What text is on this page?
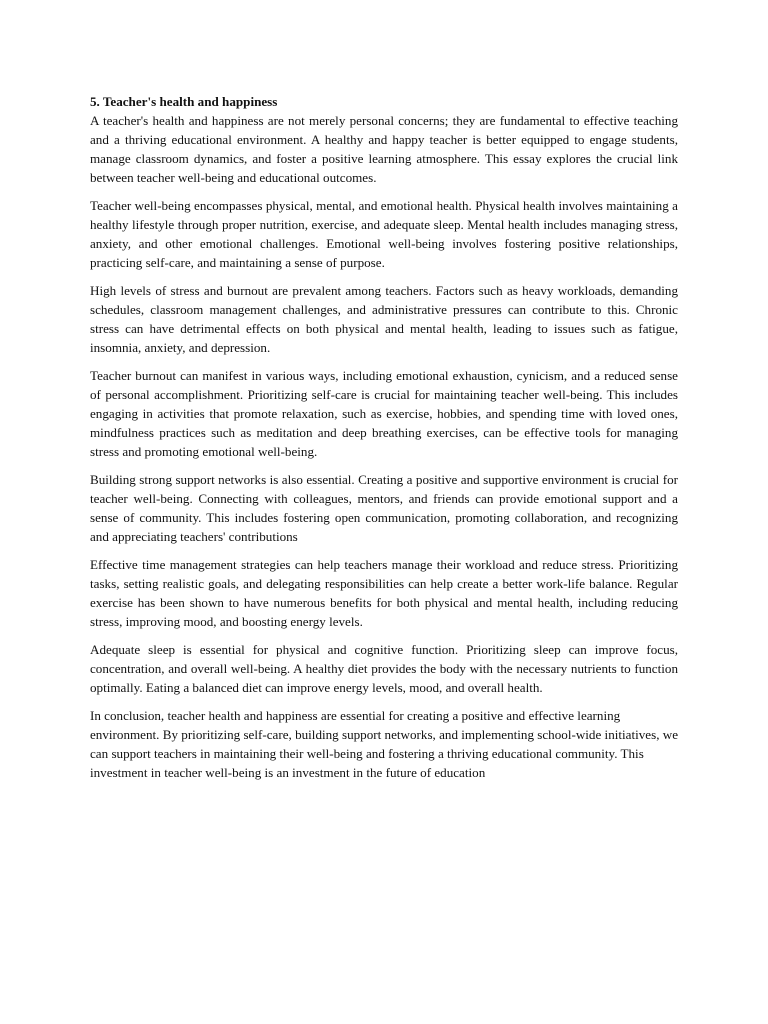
5. Teacher's health and happiness

A teacher's health and happiness are not merely personal concerns; they are fundamental to effective teaching and a thriving educational environment. A healthy and happy teacher is better equipped to engage students, manage classroom dynamics, and foster a positive learning atmosphere. This essay explores the crucial link between teacher well-being and educational outcomes.

Teacher well-being encompasses physical, mental, and emotional health. Physical health involves maintaining a healthy lifestyle through proper nutrition, exercise, and adequate sleep. Mental health includes managing stress, anxiety, and other emotional challenges. Emotional well-being involves fostering positive relationships, practicing self-care, and maintaining a sense of purpose.

High levels of stress and burnout are prevalent among teachers. Factors such as heavy workloads, demanding schedules, classroom management challenges, and administrative pressures can contribute to this. Chronic stress can have detrimental effects on both physical and mental health, leading to issues such as fatigue, insomnia, anxiety, and depression.

Teacher burnout can manifest in various ways, including emotional exhaustion, cynicism, and a reduced sense of personal accomplishment. Prioritizing self-care is crucial for maintaining teacher well-being. This includes engaging in activities that promote relaxation, such as exercise, hobbies, and spending time with loved ones, mindfulness practices such as meditation and deep breathing exercises, can be effective tools for managing stress and promoting emotional well-being.

Building strong support networks is also essential. Creating a positive and supportive environment is crucial for teacher well-being. Connecting with colleagues, mentors, and friends can provide emotional support and a sense of community. This includes fostering open communication, promoting collaboration, and recognizing and appreciating teachers' contributions

Effective time management strategies can help teachers manage their workload and reduce stress. Prioritizing tasks, setting realistic goals, and delegating responsibilities can help create a better work-life balance. Regular exercise has been shown to have numerous benefits for both physical and mental health, including reducing stress, improving mood, and boosting energy levels.

Adequate sleep is essential for physical and cognitive function. Prioritizing sleep can improve focus, concentration, and overall well-being. A healthy diet provides the body with the necessary nutrients to function optimally. Eating a balanced diet can improve energy levels, mood, and overall health.

In conclusion, teacher health and happiness are essential for creating a positive and effective learning environment. By prioritizing self-care, building support networks, and implementing school-wide initiatives, we can support teachers in maintaining their well-being and fostering a thriving educational community. This investment in teacher well-being is an investment in the future of education
